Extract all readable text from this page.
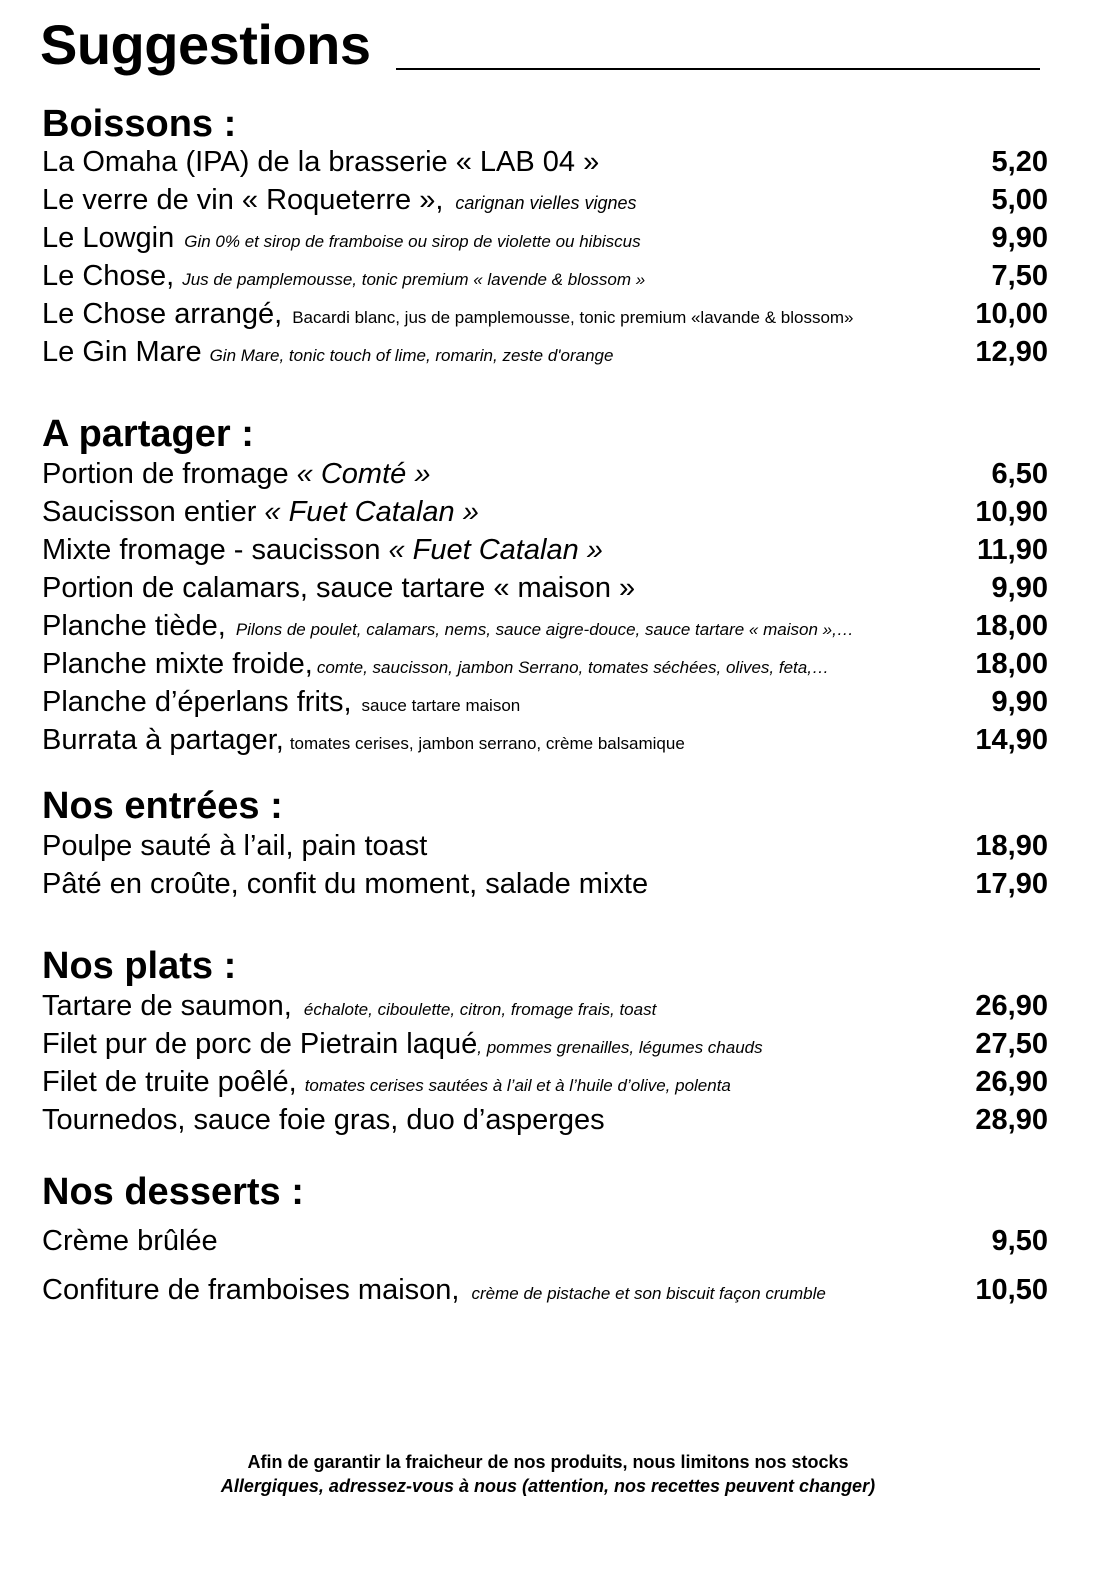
Suggestions
Boissons :
La Omaha (IPA) de la brasserie « LAB 04 »	5,20
Le verre de vin « Roqueterre », carignan vielles vignes	5,00
Le Lowgin Gin 0% et sirop de framboise ou sirop de violette ou hibiscus	9,90
Le Chose, Jus de pamplemousse, tonic premium « lavende & blossom »	7,50
Le Chose arrangé, Bacardi blanc, jus de pamplemousse, tonic premium «lavande & blossom»	10,00
Le Gin Mare Gin Mare, tonic touch of lime, romarin, zeste d'orange	12,90
A partager :
Portion de fromage « Comté »	6,50
Saucisson entier « Fuet Catalan »	10,90
Mixte fromage - saucisson « Fuet Catalan »	11,90
Portion de calamars, sauce tartare « maison »	9,90
Planche tiède, Pilons de poulet, calamars, nems, sauce aigre-douce, sauce tartare « maison »,…	18,00
Planche mixte froide, comte, saucisson, jambon Serrano, tomates séchées, olives, feta,…	18,00
Planche d’éperlans frits, sauce tartare maison	9,90
Burrata à partager, tomates cerises, jambon serrano, crème balsamique	14,90
Nos entrées :
Poulpe sauté à l’ail, pain toast	18,90
Pâté en croûte, confit du moment, salade mixte	17,90
Nos plats :
Tartare de saumon, échalote, ciboulette, citron, fromage frais, toast	26,90
Filet pur de porc de Pietrain laqué , pommes grenailles, légumes chauds	27,50
Filet de truite poêlé, tomates cerises sautées à l’ail et à l’huile d’olive, polenta	26,90
Tournedos, sauce foie gras, duo d’asperges	28,90
Nos desserts :
Crème brûlée	9,50
Confiture de framboises maison, crème de pistache et son biscuit façon crumble	10,50
Afin de garantir la fraicheur de nos produits, nous limitons nos stocks
Allergiques, adressez-vous à nous (attention, nos recettes peuvent changer)
